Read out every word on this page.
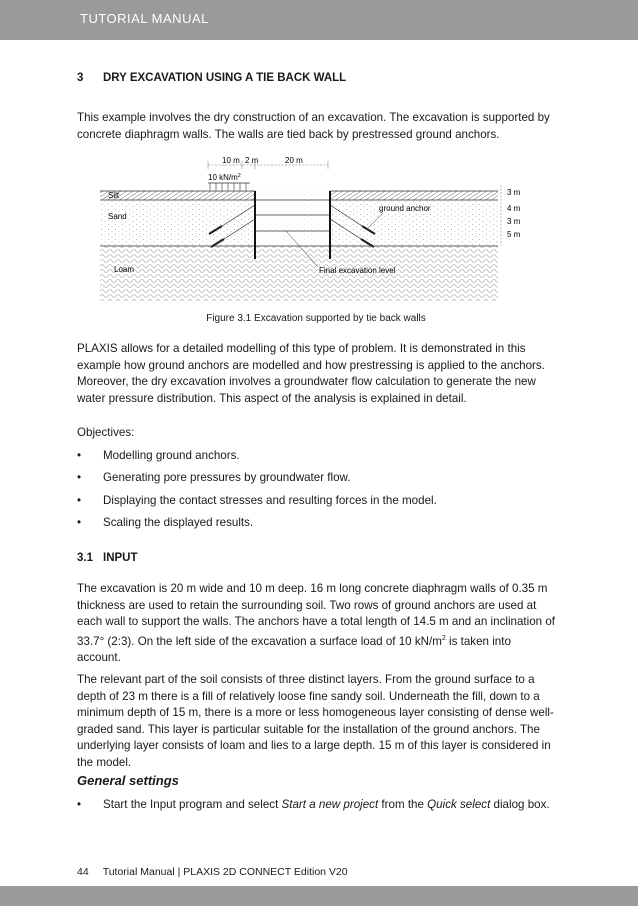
TUTORIAL MANUAL
3 DRY EXCAVATION USING A TIE BACK WALL

This example involves the dry construction of an excavation. The excavation is supported by concrete diaphragm walls. The walls are tied back by prestressed ground anchors.

10 m 2 m	20 m
10 $kN/m^2$
Silt
Sand
Loam
ground anchor
Final excavation level
3 m
4 m
3 m
5 m
Figure 3.1 Excavation supported by tie back walls

PLAXIS allows for a detailed modelling of this type of problem. It is demonstrated in this example how ground anchors are modelled and how prestressing is applied to the anchors. Moreover, the dry excavation involves a groundwater flow calculation to generate the new water pressure distribution. This aspect of the analysis is explained in detail.

Objectives:

• Modelling ground anchors.
• Generating pore pressures by groundwater flow.
• Displaying the contact stresses and resulting forces in the model.
• Scaling the displayed results.
3.1 INPUT

The excavation is 20 m wide and 10 m deep. 16 m long concrete diaphragm walls of 0.35 m thickness are used to retain the surrounding soil. Two rows of ground anchors are used at each wall to support the walls. The anchors have a total length of 14.5 m and an inclination of 33.7° (2:3). On the left side of the excavation a surface load of 10 $kN/m^2$ is taken into account.

The relevant part of the soil consists of three distinct layers. From the ground surface to a depth of 23 m there is a fill of relatively loose fine sandy soil. Underneath the fill, down to a minimum depth of 15 m, there is a more or less homogeneous layer consisting of dense well-graded sand. This layer is particular suitable for the installation of the ground anchors. The underlying layer consists of loam and lies to a large depth. 15 m of this layer is considered in the model.

General settings
• Start the Input program and select Start a new project from the Quick select dialog box.
44 Tutorial Manual | PLAXIS 2D CONNECT Edition V20
